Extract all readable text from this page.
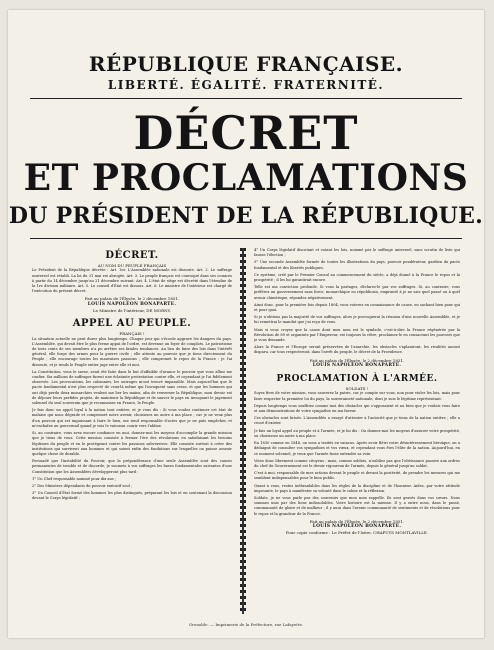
RÉPUBLIQUE FRANÇAISE.
LIBERTÉ. ÉGALITÉ. FRATERNITÉ.
DÉCRET
ET PROCLAMATIONS
DU PRÉSIDENT DE LA RÉPUBLIQUE.
DÉCRET.
AU NOM DU PEUPLE FRANÇAIS

Le Président de la République décrète : Art. 1er. L'Assemblée nationale est dissoute. Art. 2. Le suffrage universel est rétabli. La loi du 31 mai est abrogée. Art. 3. Le peuple français est convoqué dans ses comices à partir du 14 décembre jusqu'au 21 décembre suivant. Art. 4. L'état de siège est décrété dans l'étendue de la 1re division militaire. Art. 5. Le conseil d'État est dissous. Art. 6. Le ministre de l'intérieur est chargé de l'exécution du présent décret.

Fait au palais de l'Élysée, le 2 décembre 1851.
LOUIS NAPOLÉON BONAPARTE.
Le Ministre de l'intérieur, DE MORNY.
APPEL AU PEUPLE.
FRANÇAIS !

La situation actuelle ne peut durer plus longtemps. Chaque jour qui s'écoule aggrave les dangers du pays. L'Assemblée, qui devait être le plus ferme appui de l'ordre, est devenue un foyer de complots. Le patriotisme de trois cents de ses membres n'a pu arrêter ses fatales tendances. Au lieu de faire des lois dans l'intérêt général, elle forge des armes pour la guerre civile ; elle attente au pouvoir que je tiens directement du Peuple ; elle encourage toutes les mauvaises passions ; elle compromet le repos de la France : je l'ai dissoute, et je rends le Peuple entier juge entre elle et moi.

La Constitution, vous le savez, avait été faite dans le but d'affaiblir d'avance le pouvoir que vous alliez me confier. Six millions de suffrages furent une éclatante protestation contre elle, et cependant je l'ai fidèlement observée. Les provocations, les calomnies, les outrages m'ont trouvé impassible. Mais aujourd'hui que le pacte fondamental n'est plus respecté de ceux-là même qui l'invoquent sans cesse, et que les hommes qui ont déjà perdu deux monarchies veulent me lier les mains, afin de renverser la République, mon devoir est de déjouer leurs perfides projets, de maintenir la République et de sauver le pays en invoquant le jugement solennel du seul souverain que je reconnaisse en France, le Peuple.

Je fais donc un appel loyal à la nation tout entière, et je vous dis : Si vous voulez continuer cet état de malaise qui nous dégrade et compromet notre avenir, choisissez un autre à ma place ; car je ne veux plus d'un pouvoir qui est impuissant à faire le bien, me rend responsable d'actes que je ne puis empêcher, et m'enchaîne au gouvernail quand je vois le vaisseau courir vers l'abîme.

Si, au contraire, vous avez encore confiance en moi, donnez-moi les moyens d'accomplir la grande mission que je tiens de vous. Cette mission consiste à fermer l'ère des révolutions en satisfaisant les besoins légitimes du peuple et en le protégeant contre les passions subversives. Elle consiste surtout à créer des institutions qui survivent aux hommes et qui soient enfin des fondations sur lesquelles on puisse asseoir quelque chose de durable.

Persuadé que l'instabilité du Pouvoir, que la prépondérance d'une seule Assemblée sont des causes permanentes de trouble et de discorde, je soumets à vos suffrages les bases fondamentales suivantes d'une Constitution que les Assemblées développeront plus tard :

1° Un Chef responsable nommé pour dix ans ;

2° Des Ministres dépendants du pouvoir exécutif seul ;

3° Un Conseil d'État formé des hommes les plus distingués, préparant les lois et en soutenant la discussion devant le Corps législatif ;

4° Un Corps législatif discutant et votant les lois, nommé par le suffrage universel, sans scrutin de liste qui fausse l'élection ;

5° Une seconde Assemblée formée de toutes les illustrations du pays, pouvoir pondérateur, gardien du pacte fondamental et des libertés publiques.

Ce système, créé par le Premier Consul au commencement du siècle, a déjà donné à la France le repos et la prospérité ; il les lui garantirait encore.

Telle est ma conviction profonde. Si vous la partagez, déclarez-le par vos suffrages. Si, au contraire, vous préférez un gouvernement sans force, monarchique ou républicain, emprunté à je ne sais quel passé ou à quel avenir chimérique, répondez négativement.

Ainsi donc, pour la première fois depuis 1804, vous voterez en connaissance de cause, en sachant bien pour qui et pour quoi.

Si je n'obtiens pas la majorité de vos suffrages, alors je provoquerai la réunion d'une nouvelle Assemblée, et je lui remettrai le mandat que j'ai reçu de vous.

Mais si vous croyez que la cause dont mon nom est le symbole, c'est-à-dire la France régénérée par la Révolution de 89 et organisée par l'Empereur, est toujours la vôtre, proclamez-le en consacrant les pouvoirs que je vous demande.

Alors la France et l'Europe seront préservées de l'anarchie, les obstacles s'aplaniront, les rivalités auront disparu, car tous respecteront, dans l'arrêt du peuple, le décret de la Providence.

Fait au palais de l'Élysée, le 2 décembre 1851.
LOUIS NAPOLÉON BONAPARTE.
PROCLAMATION À L'ARMÉE.
SOLDATS !

Soyez fiers de votre mission, vous sauverez la patrie, car je compte sur vous, non pour violer les lois, mais pour faire respecter la première loi du pays, la souveraineté nationale, dont je suis le légitime représentant.

Depuis longtemps vous souffriez comme moi des obstacles qui s'opposaient et au bien que je voulais vous faire et aux démonstrations de votre sympathie en ma faveur.

Ces obstacles sont brisés. L'Assemblée a essayé d'attenter à l'autorité que je tiens de la nation entière ; elle a cessé d'exister.

Je fais un loyal appel au peuple et à l'armée, et je lui dis : Ou donnez-moi les moyens d'assurer votre prospérité, ou choisissez un autre à ma place.

En 1830 comme en 1848, on vous a traités en vaincus. Après avoir flétri votre désintéressement héroïque, on a dédaigné de consulter vos sympathies et vos vœux, et cependant vous êtes l'élite de la nation. Aujourd'hui, en ce moment solennel, je veux que l'armée fasse entendre sa voix.

Votez donc librement comme citoyens ; mais, comme soldats, n'oubliez pas que l'obéissance passive aux ordres du chef du Gouvernement est le devoir rigoureux de l'armée, depuis le général jusqu'au soldat.

C'est à moi, responsable de mes actions devant le peuple et devant la postérité, de prendre les mesures qui me semblent indispensables pour le bien public.

Quant à vous, restez inébranlables dans les règles de la discipline et de l'honneur. Aidez, par votre attitude imposante, le pays à manifester sa volonté dans le calme et la réflexion.

Soldats, je ne vous parle pas des souvenirs que mon nom rappelle. Ils sont gravés dans vos cœurs. Nous sommes unis par des liens indissolubles. Votre histoire est la mienne. Il y a entre nous, dans le passé, communauté de gloire et de malheur ; il y aura dans l'avenir communauté de sentiments et de résolutions pour le repos et la grandeur de la France.

Fait au palais de l'Élysée, le 2 décembre 1851.
LOUIS NAPOLÉON BONAPARTE.
Pour copie conforme : Le Préfet de l'Isère, CHAPUYS MONTLAVILLE.
Grenoble. — Imprimerie de la Préfecture, rue Lafayette.
